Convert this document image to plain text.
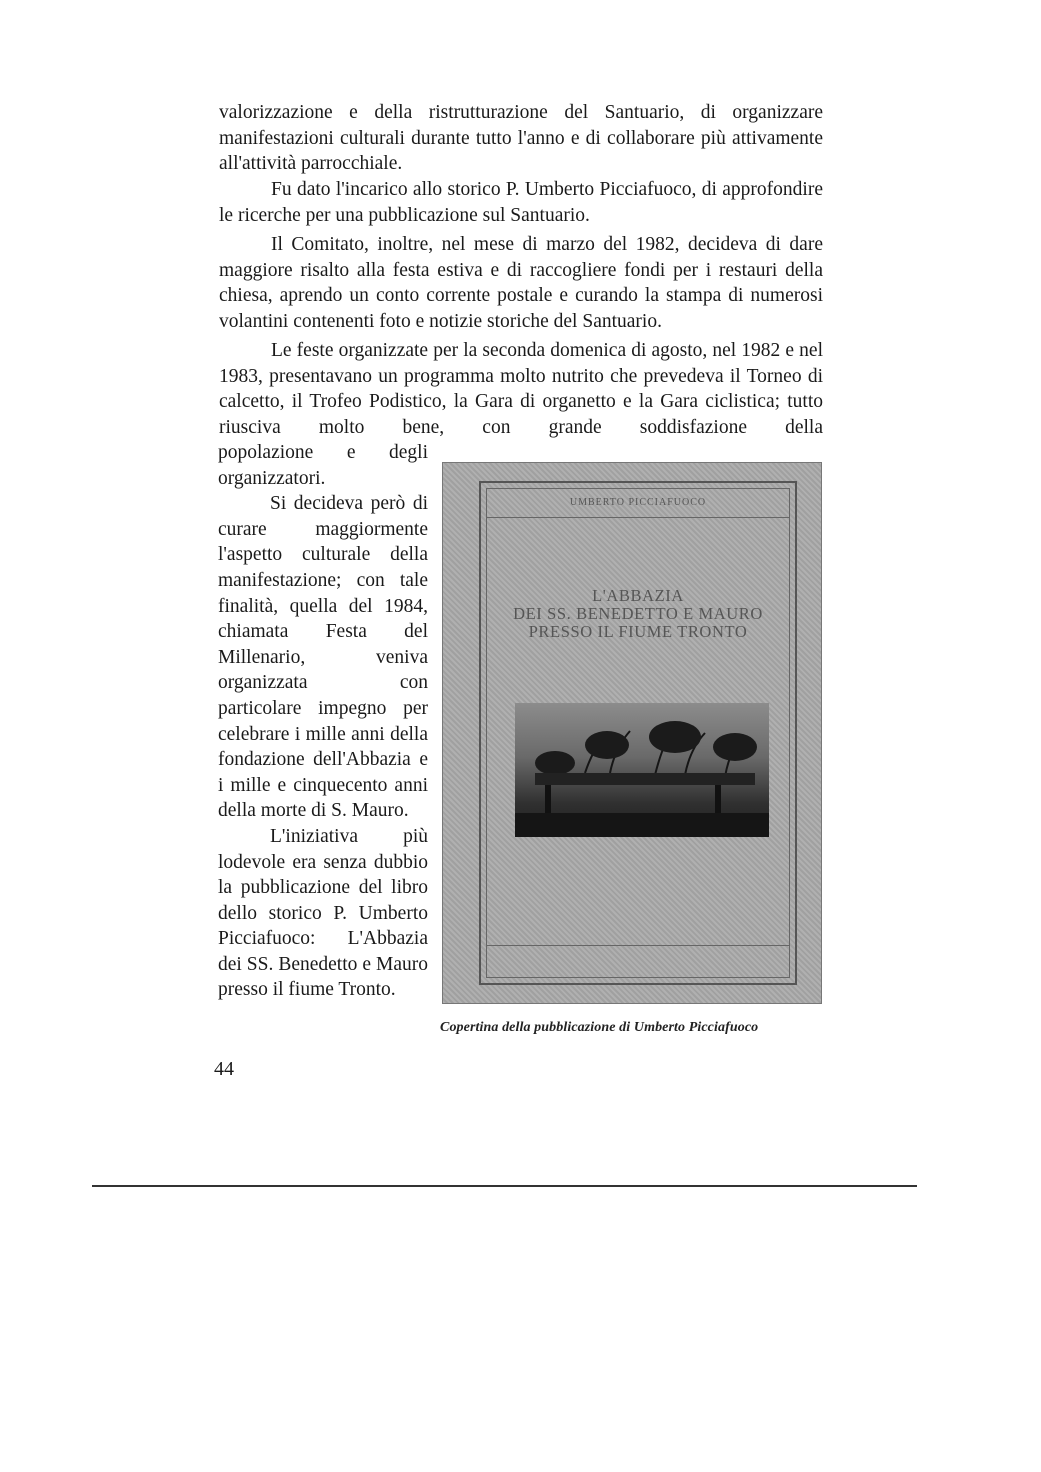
valorizzazione e della ristrutturazione del Santuario, di organizzare manifestazioni culturali durante tutto l'anno e di collaborare più attivamente all'attività parrocchiale.
Fu dato l'incarico allo storico P. Umberto Picciafuoco, di approfondire le ricerche per una pubblicazione sul Santuario.
Il Comitato, inoltre, nel mese di marzo del 1982, decideva di dare maggiore risalto alla festa estiva e di raccogliere fondi per i restauri della chiesa, aprendo un conto corrente postale e curando la stampa di numerosi volantini contenenti foto e notizie storiche del Santuario.
Le feste organizzate per la seconda domenica di agosto, nel 1982 e nel 1983, presentavano un programma molto nutrito che prevedeva il Torneo di calcetto, il Trofeo Podistico, la Gara di organetto e la Gara ciclistica; tutto riusciva molto bene, con grande soddisfazione della

popolazione e degli organizzatori.

Si decideva però di curare maggiormente l'aspetto culturale della manifestazione; con tale finalità, quella del 1984, chiamata Festa del Millenario, veniva organizzata con particolare impegno per celebrare i mille anni della fondazione dell'Abbazia e i mille e cinquecento anni della morte di S. Mauro.

L'iniziativa più lodevole era senza dubbio la pubblicazione del libro dello storico P. Umberto Picciafuoco: L'Abbazia dei SS. Benedetto e Mauro presso il fiume Tronto.

UMBERTO PICCIAFUOCO

L'ABBAZIA
DEI SS. BENEDETTO E MAURO
PRESSO IL FIUME TRONTO

Copertina della pubblicazione di Umberto Picciafuoco
44
